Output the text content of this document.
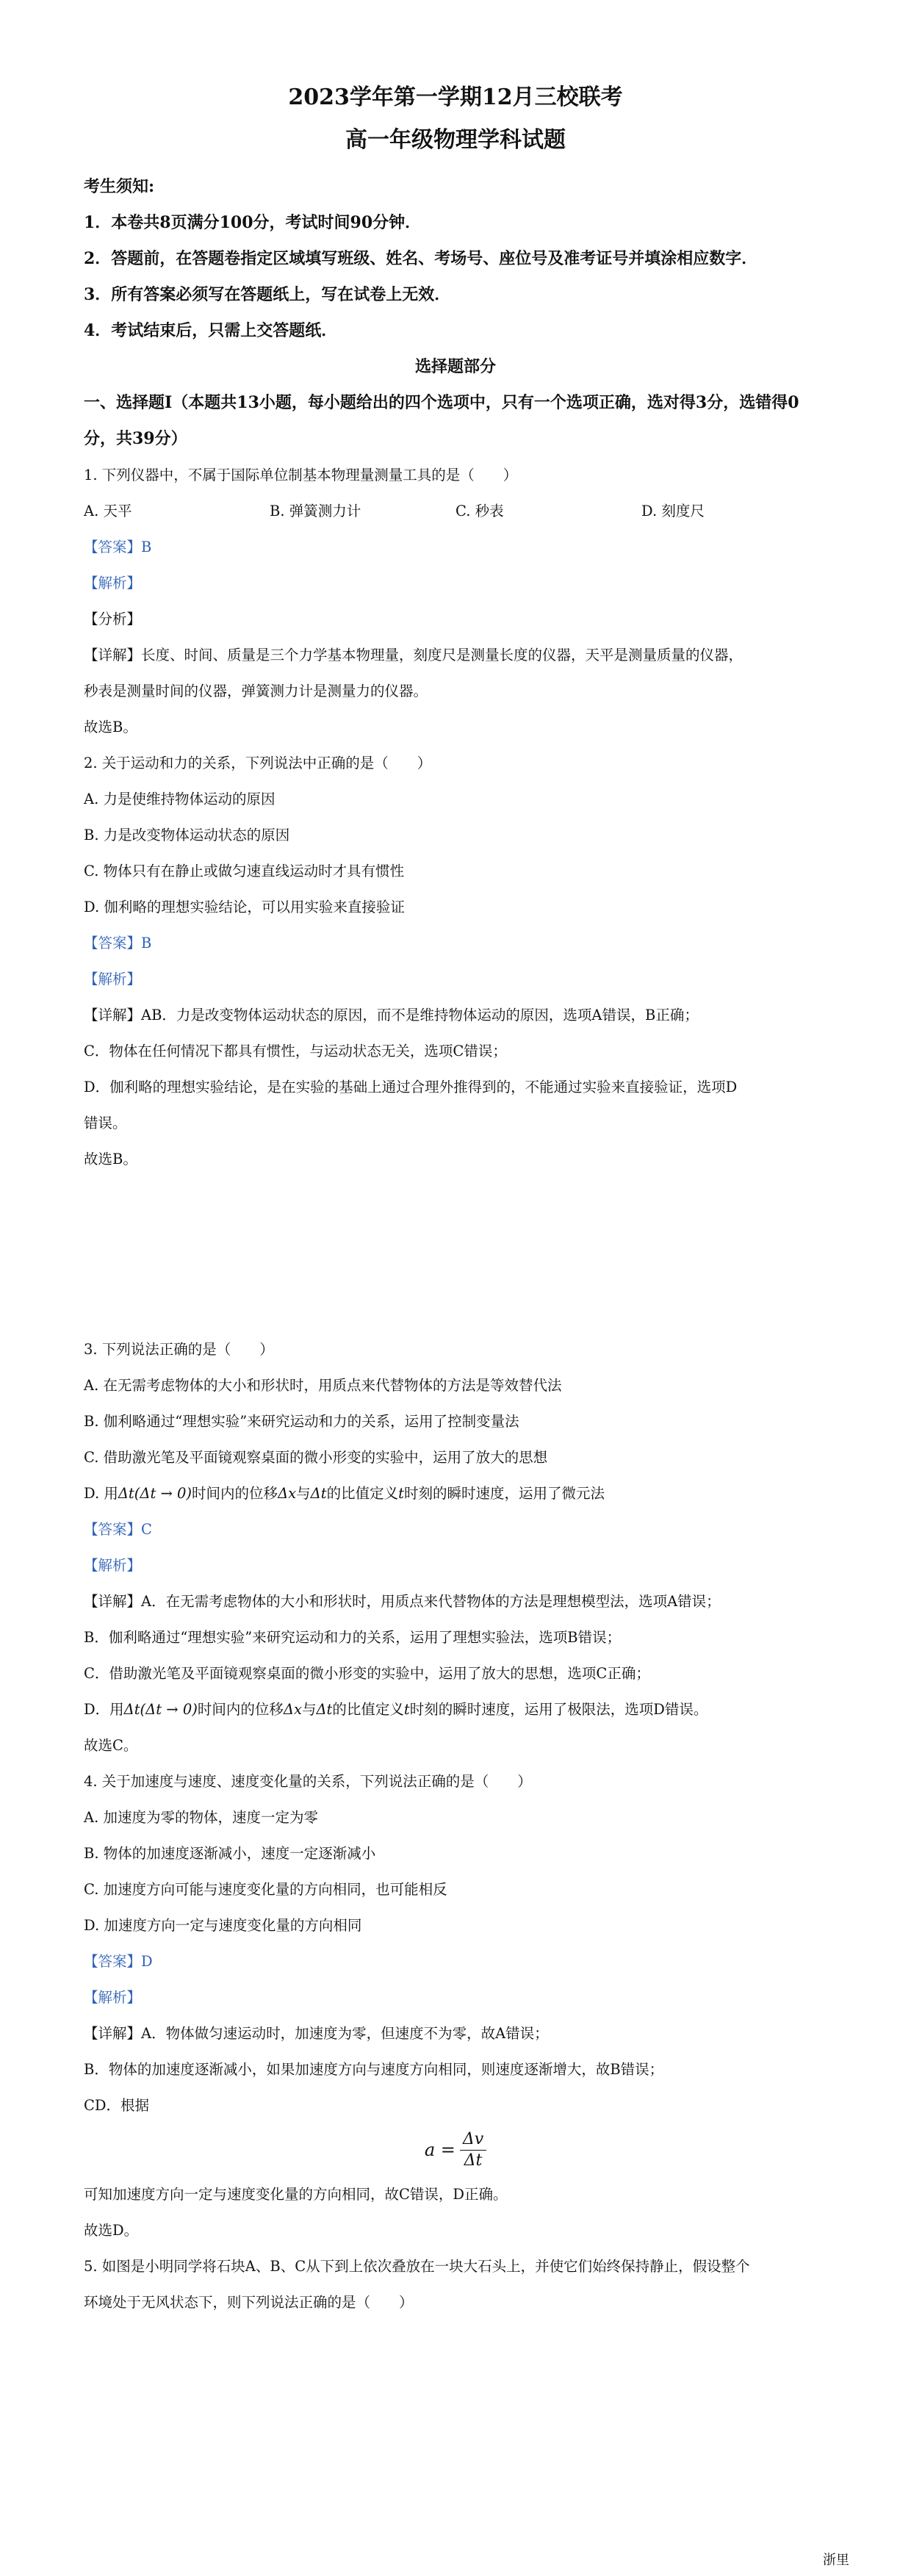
2023学年第一学期12月三校联考

高一年级物理学科试题

考生须知:

1．本卷共8页满分100分，考试时间90分钟．

2．答题前，在答题卷指定区域填写班级、姓名、考场号、座位号及准考证号并填涂相应数字．

3．所有答案必须写在答题纸上，写在试卷上无效．

4．考试结束后，只需上交答题纸．

选择题部分

一、选择题Ⅰ（本题共13小题，每小题给出的四个选项中，只有一个选项正确，选对得3分，选错得0分，共39分）

1. 下列仪器中，不属于国际单位制基本物理量测量工具的是（　　）

A. 天平	B. 弹簧测力计	C. 秒表	D. 刻度尺

【答案】B

【解析】

【分析】

【详解】长度、时间、质量是三个力学基本物理量，刻度尺是测量长度的仪器，天平是测量质量的仪器，

秒表是测量时间的仪器，弹簧测力计是测量力的仪器。

故选B。

2. 关于运动和力的关系，下列说法中正确的是（　　）

A. 力是使维持物体运动的原因

B. 力是改变物体运动状态的原因

C. 物体只有在静止或做匀速直线运动时才具有惯性

D. 伽利略的理想实验结论，可以用实验来直接验证

【答案】B

【解析】

【详解】AB．力是改变物体运动状态的原因，而不是维持物体运动的原因，选项A错误，B正确；

C．物体在任何情况下都具有惯性，与运动状态无关，选项C错误；

D．伽利略的理想实验结论，是在实验的基础上通过合理外推得到的，不能通过实验来直接验证，选项D

错误。

故选B。

3. 下列说法正确的是（　　）

A. 在无需考虑物体的大小和形状时，用质点来代替物体的方法是等效替代法

B. 伽利略通过“理想实验”来研究运动和力的关系，运用了控制变量法

C. 借助激光笔及平面镜观察桌面的微小形变的实验中，运用了放大的思想

D. 用Δt(Δt → 0)时间内的位移Δx与Δt的比值定义t时刻的瞬时速度，运用了微元法

【答案】C

【解析】

【详解】A．在无需考虑物体的大小和形状时，用质点来代替物体的方法是理想模型法，选项A错误；

B．伽利略通过“理想实验”来研究运动和力的关系，运用了理想实验法，选项B错误；

C．借助激光笔及平面镜观察桌面的微小形变的实验中，运用了放大的思想，选项C正确；

D．用Δt(Δt → 0)时间内的位移Δx与Δt的比值定义t时刻的瞬时速度，运用了极限法，选项D错误。

故选C。

4. 关于加速度与速度、速度变化量的关系，下列说法正确的是（　　）

A. 加速度为零的物体，速度一定为零

B. 物体的加速度逐渐减小，速度一定逐渐减小

C. 加速度方向可能与速度变化量的方向相同，也可能相反

D. 加速度方向一定与速度变化量的方向相同

【答案】D

【解析】

【详解】A．物体做匀速运动时，加速度为零，但速度不为零，故A错误；

B．物体的加速度逐渐减小，如果加速度方向与速度方向相同，则速度逐渐增大，故B错误；

CD．根据

$a = \frac{\Delta v}{\Delta t}$

可知加速度方向一定与速度变化量的方向相同，故C错误，D正确。

故选D。

5. 如图是小明同学将石块A、B、C从下到上依次叠放在一块大石头上，并使它们始终保持静止，假设整个

环境处于无风状态下，则下列说法正确的是（　　）

浙里
